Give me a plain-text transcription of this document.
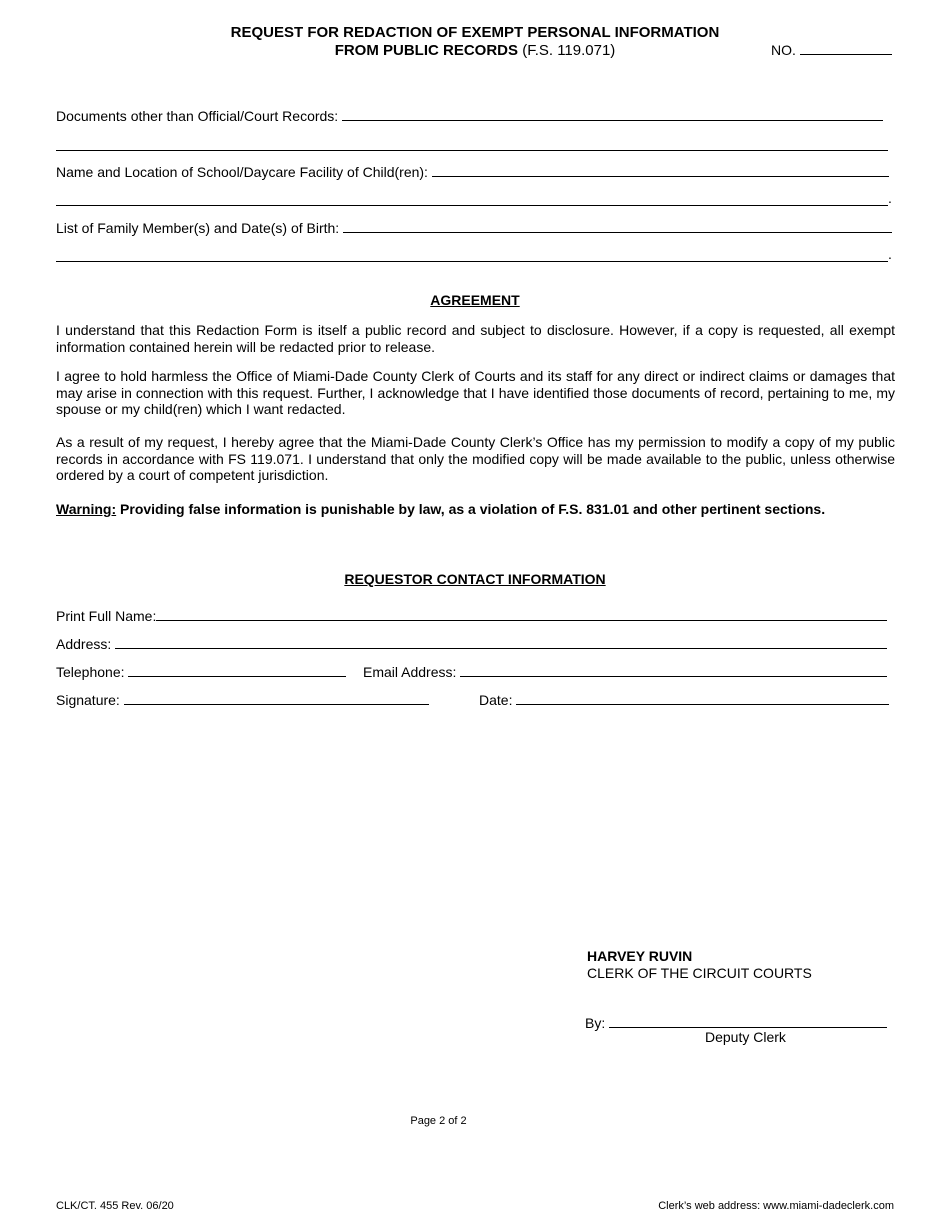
REQUEST FOR REDACTION OF EXEMPT PERSONAL INFORMATION
FROM PUBLIC RECORDS (F.S. 119.071)	NO.
Documents other than Official/Court Records:
Name and Location of School/Daycare Facility of Child(ren):
.
List of Family Member(s) and Date(s) of Birth:
.
AGREEMENT
I understand that this Redaction Form is itself a public record and subject to disclosure. However, if a copy is requested, all exempt information contained herein will be redacted prior to release.
I agree to hold harmless the Office of Miami-Dade County Clerk of Courts and its staff for any direct or indirect claims or damages that may arise in connection with this request. Further, I acknowledge that I have identified those documents of record, pertaining to me, my spouse or my child(ren) which I want redacted.
As a result of my request, I hereby agree that the Miami-Dade County Clerk’s Office has my permission to modify a copy of my public records in accordance with FS 119.071. I understand that only the modified copy will be made available to the public, unless otherwise ordered by a court of competent jurisdiction.
Warning: Providing false information is punishable by law, as a violation of F.S. 831.01 and other pertinent sections.
REQUESTOR CONTACT INFORMATION
Print Full Name:
Address:
Telephone:	Email Address:
Signature:	Date:
HARVEY RUVIN
CLERK OF THE CIRCUIT COURTS
By:
Deputy Clerk
Page 2 of 2
CLK/CT. 455 Rev. 06/20	Clerk’s web address: www.miami-dadeclerk.com
